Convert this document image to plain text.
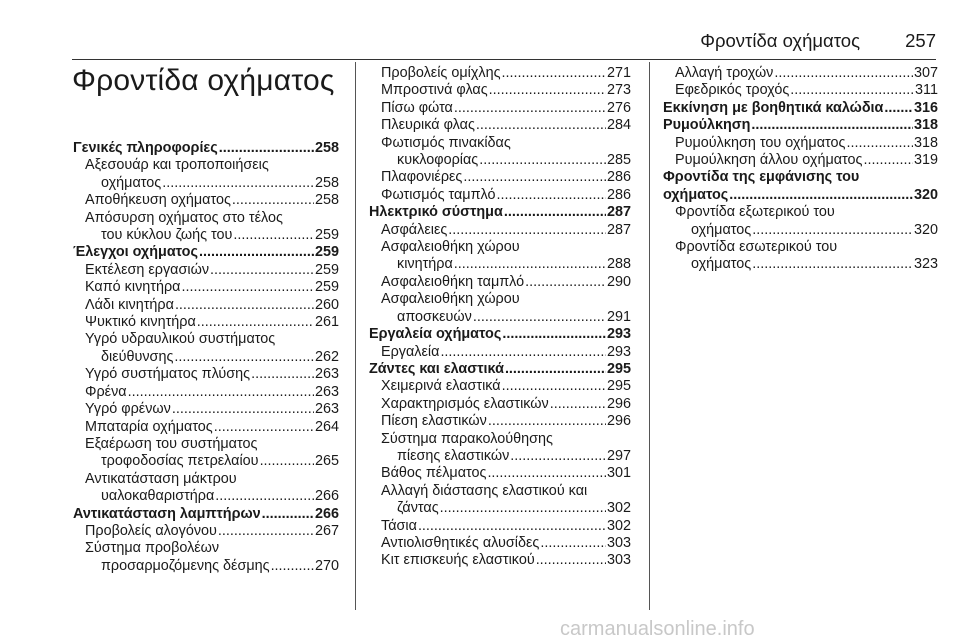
Φροντίδα οχήματος 257
Φροντίδα οχήματος
Γενικές πληροφορίες .....	258
Αξεσουάρ και τροποποιήσεις
οχήματος .....	258
Αποθήκευση οχήματος .....	258
Απόσυρση οχήματος στο τέλος
του κύκλου ζωής του .....	259
Έλεγχοι οχήματος .....	259
Εκτέλεση εργασιών .....	259
Καπό κινητήρα .....	259
Λάδι κινητήρα .....	260
Ψυκτικό κινητήρα .....	261
Υγρό υδραυλικού συστήματος
διεύθυνσης .....	262
Υγρό συστήματος πλύσης .....	263
Φρένα .....	263
Υγρό φρένων .....	263
Μπαταρία οχήματος .....	264
Εξαέρωση του συστήματος
τροφοδοσίας πετρελαίου .....	265
Αντικατάσταση μάκτρου
υαλοκαθαριστήρα .....	266
Αντικατάσταση λαμπτήρων .....	266
Προβολείς αλογόνου .....	267
Σύστημα προβολέων
προσαρμοζόμενης δέσμης .....	270
Προβολείς ομίχλης .....	271
Μπροστινά φλας .....	273
Πίσω φώτα .....	276
Πλευρικά φλας .....	284
Φωτισμός πινακίδας
κυκλοφορίας .....	285
Πλαφονιέρες .....	286
Φωτισμός ταμπλό .....	286
Ηλεκτρικό σύστημα .....	287
Ασφάλειες .....	287
Ασφαλειοθήκη χώρου
κινητήρα .....	288
Ασφαλειοθήκη ταμπλό .....	290
Ασφαλειοθήκη χώρου
αποσκευών .....	291
Εργαλεία οχήματος .....	293
Εργαλεία .....	293
Ζάντες και ελαστικά .....	295
Χειμερινά ελαστικά .....	295
Χαρακτηρισμός ελαστικών .....	296
Πίεση ελαστικών .....	296
Σύστημα παρακολούθησης
πίεσης ελαστικών .....	297
Βάθος πέλματος .....	301
Αλλαγή διάστασης ελαστικού και
ζάντας .....	302
Τάσια .....	302
Αντιολισθητικές αλυσίδες .....	303
Κιτ επισκευής ελαστικού .....	303
Αλλαγή τροχών .....	307
Εφεδρικός τροχός .....	311
Εκκίνηση με βοηθητικά καλώδια ..... 316
Ρυμούλκηση .....	318
Ρυμούλκηση του οχήματος .....	318
Ρυμούλκηση άλλου οχήματος .....	319
Φροντίδα της εμφάνισης του
οχήματος .....	320
Φροντίδα εξωτερικού του
οχήματος .....	320
Φροντίδα εσωτερικού του
οχήματος .....	323
carmanualsonline.info
